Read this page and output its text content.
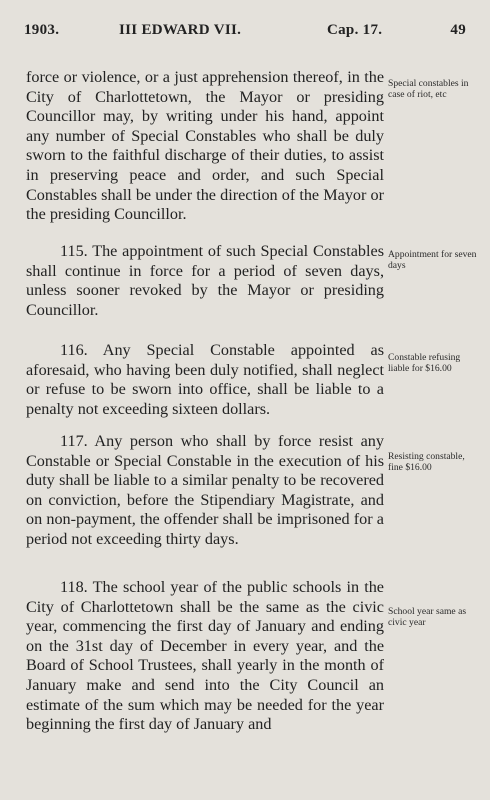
1903.	III EDWARD VII.	Cap. 17.	49

force or violence, or a just apprehension thereof, in the City of Charlottetown, the Mayor or presiding Councillor may, by writing under his hand, appoint any number of Special Constables who shall be duly sworn to the faithful discharge of their duties, to assist in preserving peace and order, and such Special Constables shall be under the direction of the Mayor or the presiding Councillor.

Special constables in case of riot, etc

115. The appointment of such Special Constables shall continue in force for a period of seven days, unless sooner revoked by the Mayor or presiding Councillor.

Appointment for seven days

116. Any Special Constable appointed as aforesaid, who having been duly notified, shall neglect or refuse to be sworn into office, shall be liable to a penalty not exceeding sixteen dollars.

Constable refusing liable for $16.00

117. Any person who shall by force resist any Constable or Special Constable in the execution of his duty shall be liable to a similar penalty to be recovered on conviction, before the Stipendiary Magistrate, and on non-payment, the offender shall be imprisoned for a period not exceeding thirty days.

Resisting constable, fine $16.00

118. The school year of the public schools in the City of Charlottetown shall be the same as the civic year, commencing the first day of January and ending on the 31st day of December in every year, and the Board of School Trustees, shall yearly in the month of January make and send into the City Council an estimate of the sum which may be needed for the year beginning the first day of January and

School year same as civic year
